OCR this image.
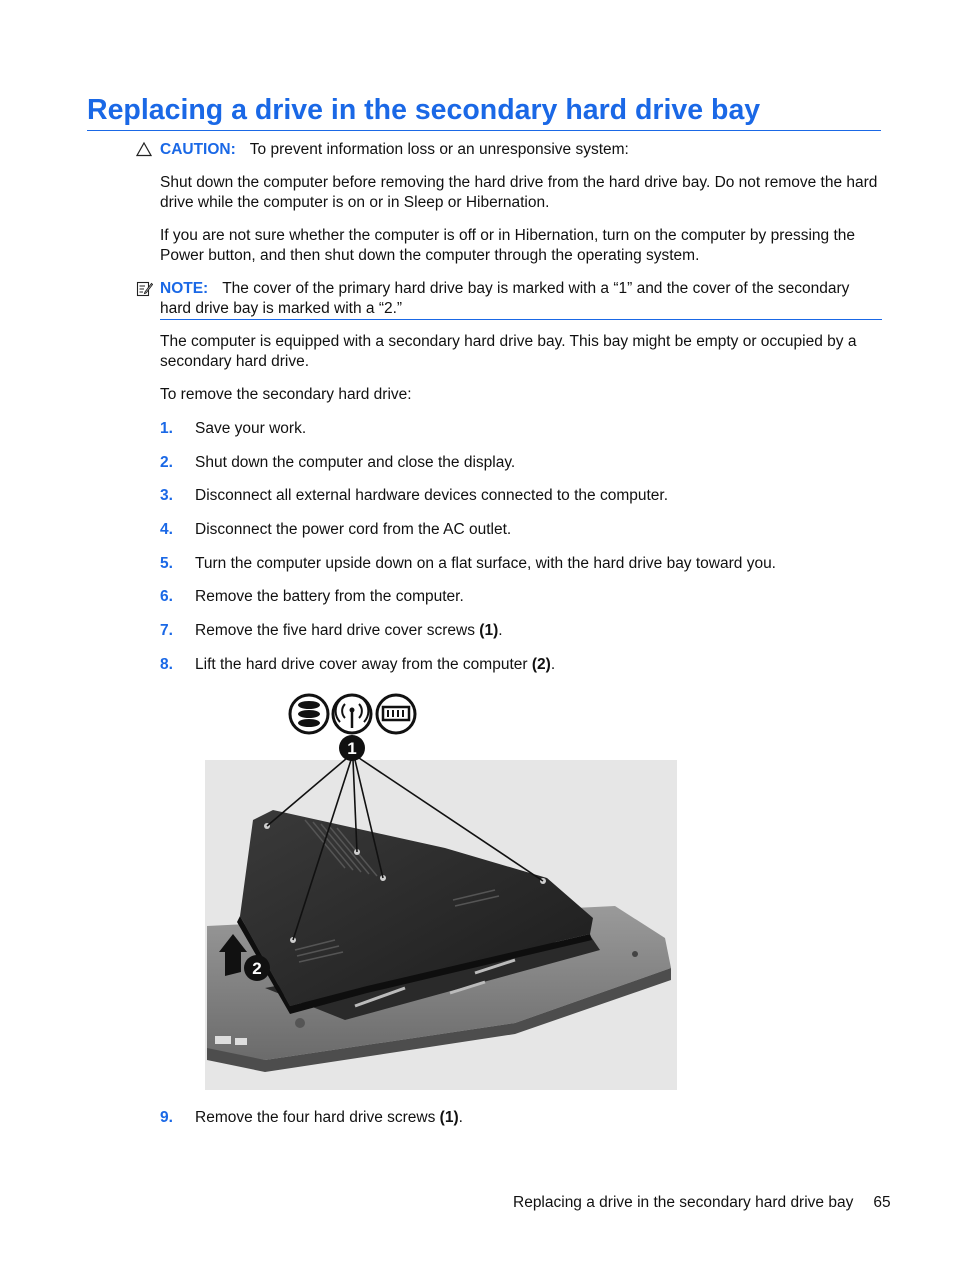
Replacing a drive in the secondary hard drive bay
CAUTION: To prevent information loss or an unresponsive system:

Shut down the computer before removing the hard drive from the hard drive bay. Do not remove the hard drive while the computer is on or in Sleep or Hibernation.

If you are not sure whether the computer is off or in Hibernation, turn on the computer by pressing the Power button, and then shut down the computer through the operating system.

NOTE: The cover of the primary hard drive bay is marked with a “1” and the cover of the secondary hard drive bay is marked with a “2.”

The computer is equipped with a secondary hard drive bay. This bay might be empty or occupied by a secondary hard drive.

To remove the secondary hard drive:

1. Save your work.
2. Shut down the computer and close the display.
3. Disconnect all external hardware devices connected to the computer.
4. Disconnect the power cord from the AC outlet.
5. Turn the computer upside down on a flat surface, with the hard drive bay toward you.
6. Remove the battery from the computer.
7. Remove the five hard drive cover screws (1).
8. Lift the hard drive cover away from the computer (2).
1
2
9. Remove the four hard drive screws (1).
Replacing a drive in the secondary hard drive bay 65
